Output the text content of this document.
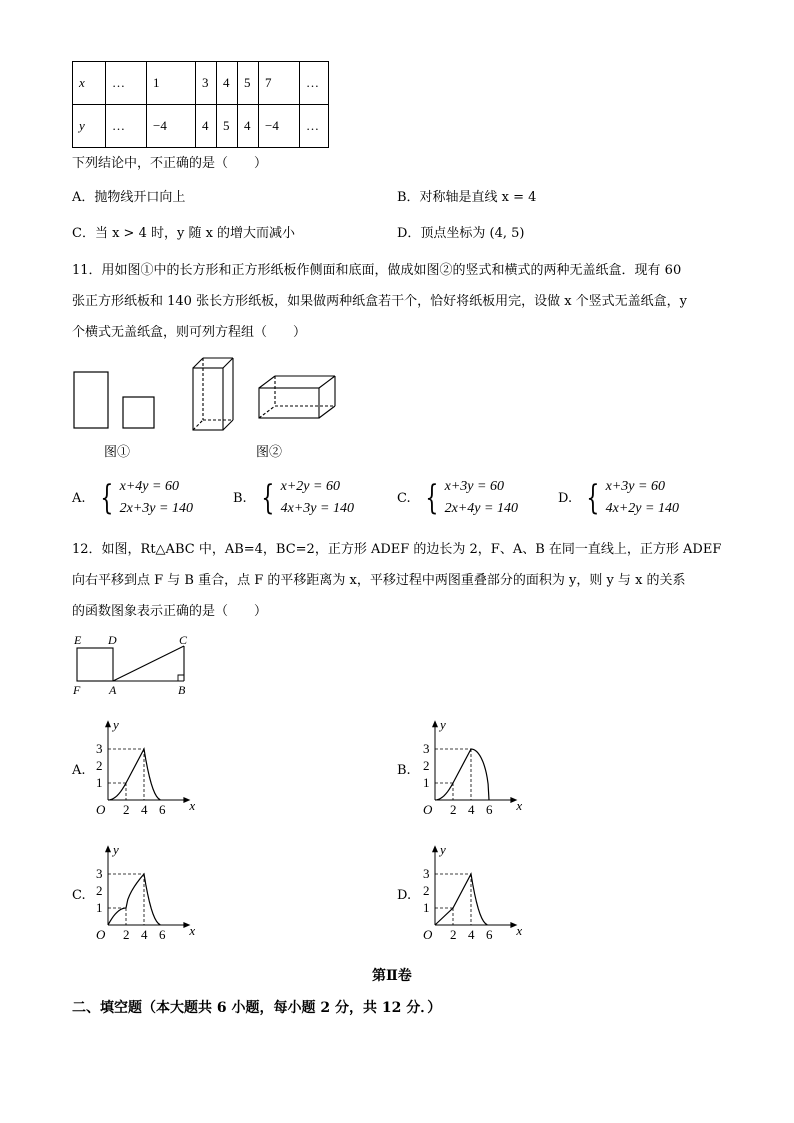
x	…	1	3	4	5	7	…
y	…	−4	4	5	4	−4	…
下列结论中，不正确的是（　　）
A．抛物线开口向上	B．对称轴是直线 x = 4
C．当 x > 4 时，y 随 x 的增大而减小	D．顶点坐标为 (4, 5)
11．用如图①中的长方形和正方形纸板作侧面和底面，做成如图②的竖式和横式的两种无盖纸盒．现有 60
张正方形纸板和 140 张长方形纸板，如果做两种纸盒若干个，恰好将纸板用完，设做 x 个竖式无盖纸盒，y
个横式无盖纸盒，则可列方程组（　　）
图①	图②
A. { x+4y = 60
2x+3y = 140
B. { x+2y = 60
4x+3y = 140
C. { x+3y = 60
2x+4y = 140
D. { x+3y = 60
4x+2y = 140
12．如图，Rt△ABC 中，AB=4，BC=2，正方形 ADEF 的边长为 2，F、A、B 在同一直线上，正方形 ADEF
向右平移到点 F 与 B 重合，点 F 的平移距离为 x，平移过程中两图重叠部分的面积为 y，则 y 与 x 的关系
的函数图象表示正确的是（　　）
E D	C
F A	B
A.
y
x
O
1
2
3
2 4 6
B.
y
x
O
1
2
3
2 4 6
C.
y
x
O
1
2
3
2 4 6
D.
y
x
O
1
2
3
2 4 6
第Ⅱ卷
二、填空题（本大题共 6 小题，每小题 2 分，共 12 分．）
